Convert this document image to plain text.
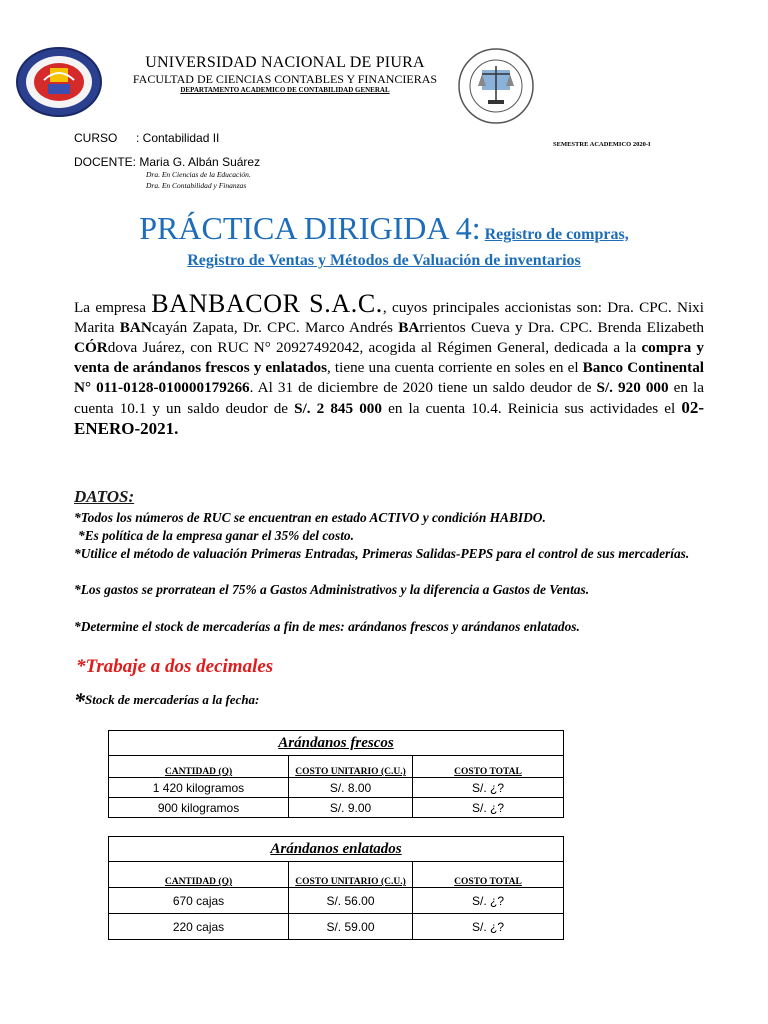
UNIVERSIDAD NACIONAL DE PIURA
FACULTAD DE CIENCIAS CONTABLES Y FINANCIERAS
DEPARTAMENTO ACADEMICO DE CONTABILIDAD GENERAL
CURSO : Contabilidad II	SEMESTRE ACADEMICO 2020-I
DOCENTE: Maria G. Albán Suárez
Dra. En Ciencias de la Educación.
Dra. En Contabilidad y Finanzas
PRÁCTICA DIRIGIDA 4: Registro de compras,
Registro de Ventas y Métodos de Valuación de inventarios
La empresa BANBACOR S.A.C., cuyos principales accionistas son: Dra. CPC. Nixi Marita BANcayán Zapata, Dr. CPC. Marco Andrés BArrientos Cueva y Dra. CPC. Brenda Elizabeth CÓRdova Juárez, con RUC N° 20927492042, acogida al Régimen General, dedicada a la compra y venta de arándanos frescos y enlatados, tiene una cuenta corriente en soles en el Banco Continental N° 011-0128-010000179266. Al 31 de diciembre de 2020 tiene un saldo deudor de S/. 920 000 en la cuenta 10.1 y un saldo deudor de S/. 2 845 000 en la cuenta 10.4. Reinicia sus actividades el 02-ENERO-2021.
DATOS:
*Todos los números de RUC se encuentran en estado ACTIVO y condición HABIDO.
*Es política de la empresa ganar el 35% del costo.
*Utilice el método de valuación Primeras Entradas, Primeras Salidas-PEPS para el control de sus mercaderías.
*Los gastos se prorratean el 75% a Gastos Administrativos y la diferencia a Gastos de Ventas.
*Determine el stock de mercaderías a fin de mes: arándanos frescos y arándanos enlatados.
*Trabaje a dos decimales
*Stock de mercaderías a la fecha:
Arándanos frescos		
CANTIDAD (Q)	COSTO UNITARIO (C.U.)	COSTO TOTAL
1 420 kilogramos	S/. 8.00	S/. ¿?
900 kilogramos	S/. 9.00	S/. ¿?
Arándanos enlatados		
CANTIDAD (Q)	COSTO UNITARIO (C.U.)	COSTO TOTAL
670 cajas	S/. 56.00	S/. ¿?
220 cajas	S/. 59.00	S/. ¿?
